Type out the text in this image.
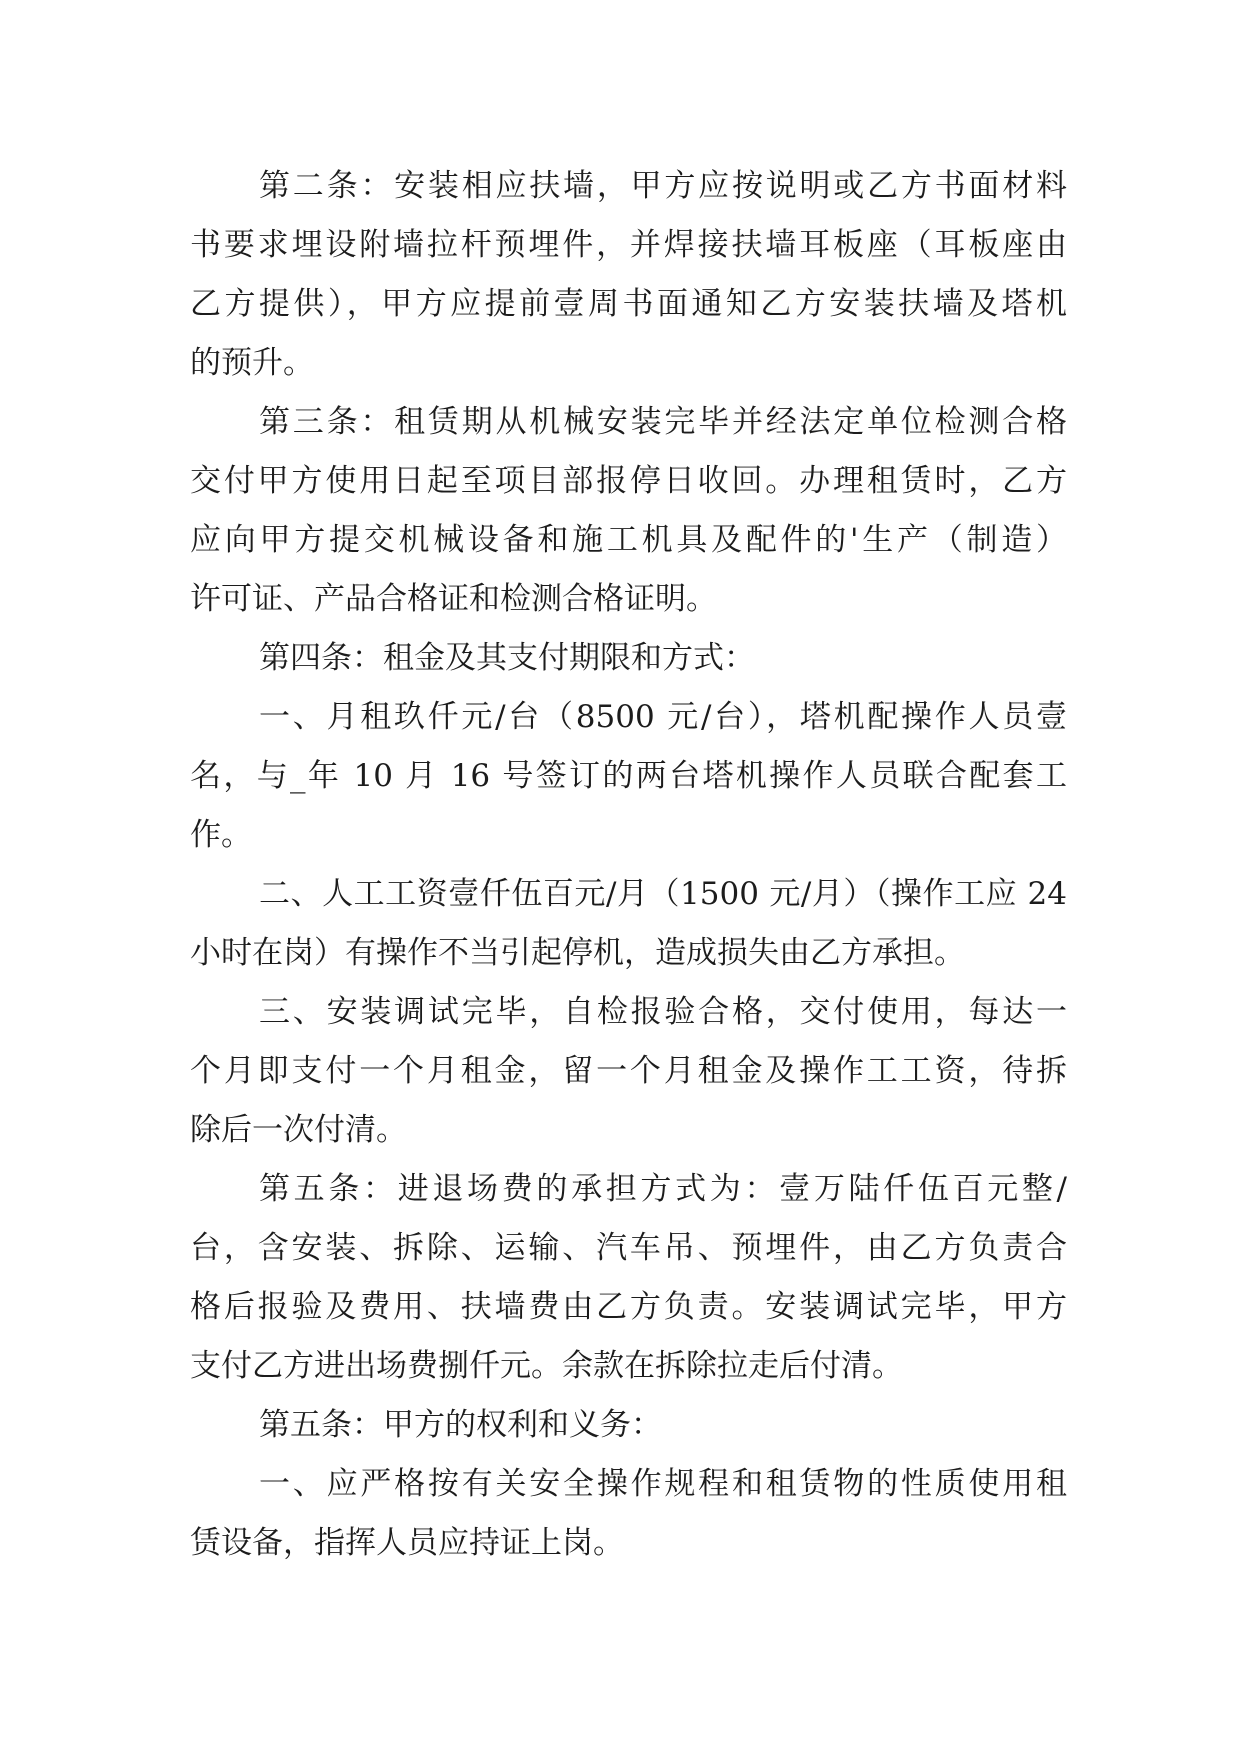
第二条：安装相应扶墙，甲方应按说明或乙方书面材料
书要求埋设附墙拉杆预埋件，并焊接扶墙耳板座（耳板座由
乙方提供），甲方应提前壹周书面通知乙方安装扶墙及塔机
的预升。
第三条：租赁期从机械安装完毕并经法定单位检测合格
交付甲方使用日起至项目部报停日收回。办理租赁时，乙方
应向甲方提交机械设备和施工机具及配件的'生产（制造）
许可证、产品合格证和检测合格证明。
第四条：租金及其支付期限和方式：
一、月租玖仟元/台（8500 元/台），塔机配操作人员壹
名，与_年 10 月 16 号签订的两台塔机操作人员联合配套工
作。
二、人工工资壹仟伍百元/月（1500 元/月）（操作工应 24
小时在岗）有操作不当引起停机，造成损失由乙方承担。
三、安装调试完毕，自检报验合格，交付使用，每达一
个月即支付一个月租金，留一个月租金及操作工工资，待拆
除后一次付清。
第五条：进退场费的承担方式为：壹万陆仟伍百元整/
台，含安装、拆除、运输、汽车吊、预埋件，由乙方负责合
格后报验及费用、扶墙费由乙方负责。安装调试完毕，甲方
支付乙方进出场费捌仟元。余款在拆除拉走后付清。
第五条：甲方的权利和义务：
一、应严格按有关安全操作规程和租赁物的性质使用租
赁设备，指挥人员应持证上岗。
